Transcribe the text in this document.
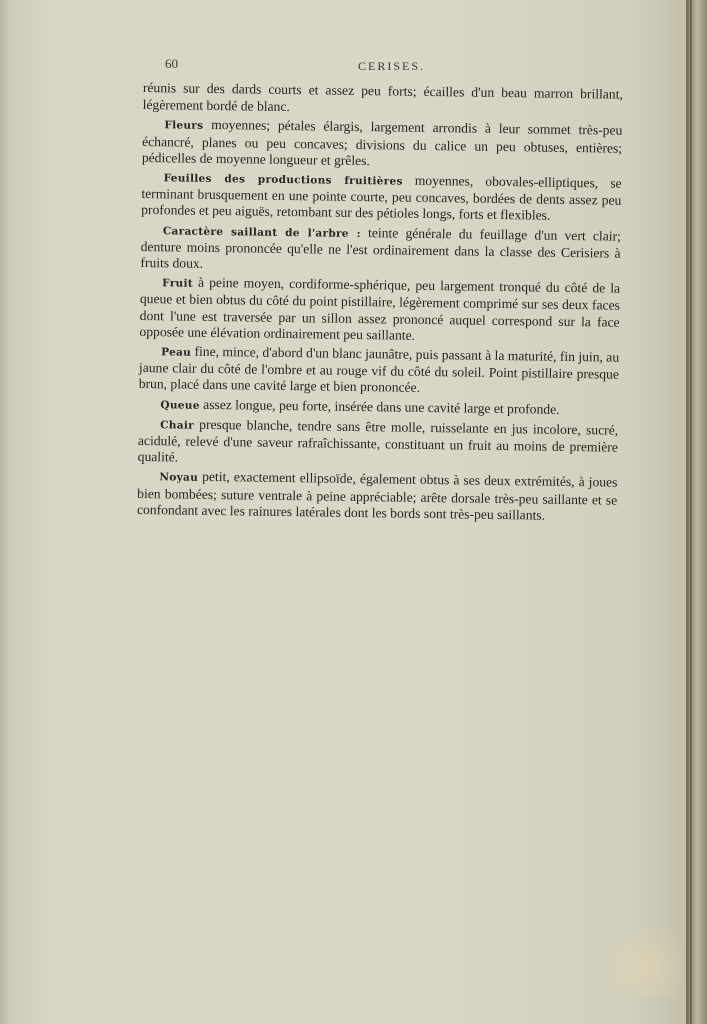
60	CERISES.

réunis sur des dards courts et assez peu forts; écailles d'un beau marron brillant, légèrement bordé de blanc.

Fleurs moyennes; pétales élargis, largement arrondis à leur sommet très-peu échancré, planes ou peu concaves; divisions du calice un peu obtuses, entières; pédicelles de moyenne longueur et grêles.

Feuilles des productions fruitières moyennes, obovales-elliptiques, se terminant brusquement en une pointe courte, peu concaves, bordées de dents assez peu profondes et peu aiguës, retombant sur des pétioles longs, forts et flexibles.

Caractère saillant de l'arbre : teinte générale du feuillage d'un vert clair; denture moins prononcée qu'elle ne l'est ordinairement dans la classe des Cerisiers à fruits doux.

Fruit à peine moyen, cordiforme-sphérique, peu largement tronqué du côté de la queue et bien obtus du côté du point pistillaire, légèrement comprimé sur ses deux faces dont l'une est traversée par un sillon assez prononcé auquel correspond sur la face opposée une élévation ordinairement peu saillante.

Peau fine, mince, d'abord d'un blanc jaunâtre, puis passant à la maturité, fin juin, au jaune clair du côté de l'ombre et au rouge vif du côté du soleil. Point pistillaire presque brun, placé dans une cavité large et bien prononcée.

Queue assez longue, peu forte, insérée dans une cavité large et profonde.

Chair presque blanche, tendre sans être molle, ruisselante en jus incolore, sucré, acidulé, relevé d'une saveur rafraîchissante, constituant un fruit au moins de première qualité.

Noyau petit, exactement ellipsoïde, également obtus à ses deux extrémités, à joues bien bombées; suture ventrale à peine appréciable; arête dorsale très-peu saillante et se confondant avec les rainures latérales dont les bords sont très-peu saillants.
